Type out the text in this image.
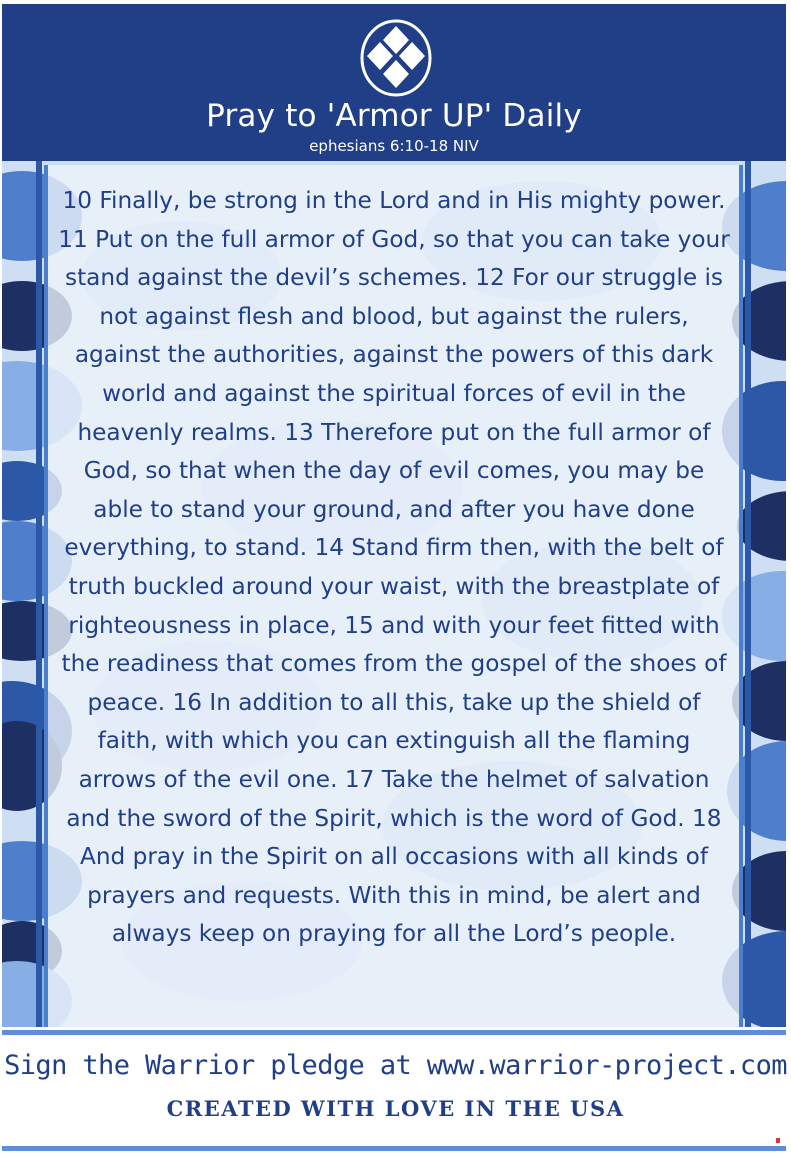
Pray to 'Armor UP' Daily
ephesians 6:10-18 NIV
10 Finally, be strong in the Lord and in His mighty power. 11 Put on the full armor of God, so that you can take your stand against the devil’s schemes. 12 For our struggle is not against flesh and blood, but against the rulers, against the authorities, against the powers of this dark world and against the spiritual forces of evil in the heavenly realms. 13 Therefore put on the full armor of God, so that when the day of evil comes, you may be able to stand your ground, and after you have done everything, to stand. 14 Stand firm then, with the belt of truth buckled around your waist, with the breastplate of righteousness in place, 15 and with your feet fitted with the readiness that comes from the gospel of the shoes of peace. 16 In addition to all this, take up the shield of faith, with which you can extinguish all the flaming arrows of the evil one. 17 Take the helmet of salvation and the sword of the Spirit, which is the word of God. 18 And pray in the Spirit on all occasions with all kinds of prayers and requests. With this in mind, be alert and always keep on praying for all the Lord’s people.
Sign the Warrior pledge at www.warrior-project.com
CREATED WITH LOVE IN THE USA
